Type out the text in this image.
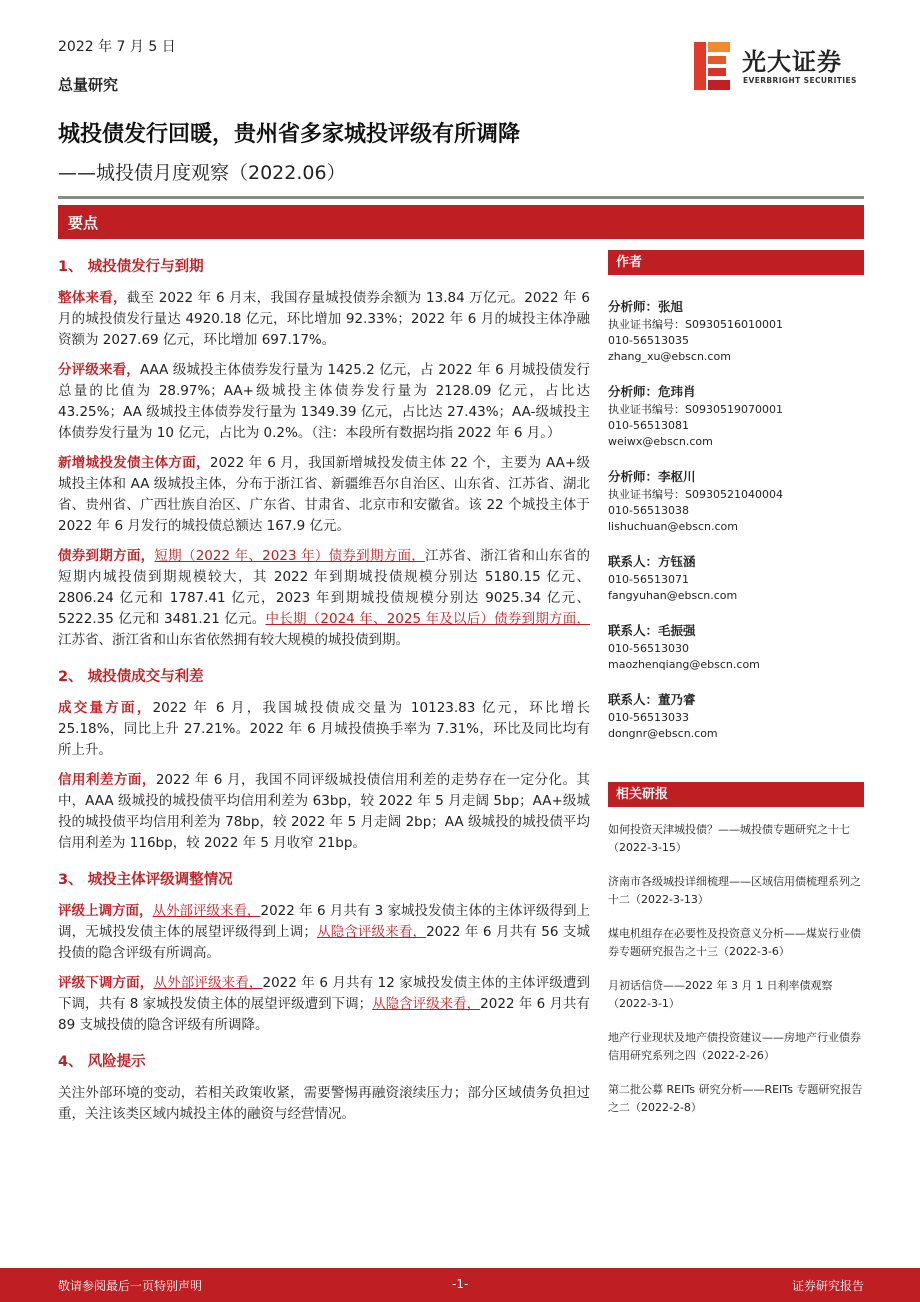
2022 年 7 月 5 日
总量研究
光大证券
EVERBRIGHT SECURITIES
城投债发行回暖，贵州省多家城投评级有所调降
——城投债月度观察（2022.06）
要点
1、 城投债发行与到期
整体来看，截至 2022 年 6 月末，我国存量城投债券余额为 13.84 万亿元。2022 年 6 月的城投债发行量达 4920.18 亿元，环比增加 92.33%；2022 年 6 月的城投主体净融资额为 2027.69 亿元，环比增加 697.17%。
分评级来看，AAA 级城投主体债券发行量为 1425.2 亿元，占 2022 年 6 月城投债发行总量的比值为 28.97%；AA+级城投主体债券发行量为 2128.09 亿元，占比达 43.25%；AA 级城投主体债券发行量为 1349.39 亿元，占比达 27.43%；AA-级城投主体债券发行量为 10 亿元，占比为 0.2%。（注：本段所有数据均指 2022 年 6 月。）
新增城投发债主体方面，2022 年 6 月，我国新增城投发债主体 22 个，主要为 AA+级城投主体和 AA 级城投主体，分布于浙江省、新疆维吾尔自治区、山东省、江苏省、湖北省、贵州省、广西壮族自治区、广东省、甘肃省、北京市和安徽省。该 22 个城投主体于 2022 年 6 月发行的城投债总额达 167.9 亿元。
债券到期方面，短期（2022 年、2023 年）债券到期方面，江苏省、浙江省和山东省的短期内城投债到期规模较大，其 2022 年到期城投债规模分别达 5180.15 亿元、2806.24 亿元和 1787.41 亿元，2023 年到期城投债规模分别达 9025.34 亿元、5222.35 亿元和 3481.21 亿元。中长期（2024 年、2025 年及以后）债券到期方面，江苏省、浙江省和山东省依然拥有较大规模的城投债到期。
2、 城投债成交与利差
成交量方面，2022 年 6 月，我国城投债成交量为 10123.83 亿元，环比增长 25.18%，同比上升 27.21%。2022 年 6 月城投债换手率为 7.31%，环比及同比均有所上升。
信用利差方面，2022 年 6 月，我国不同评级城投债信用利差的走势存在一定分化。其中，AAA 级城投的城投债平均信用利差为 63bp，较 2022 年 5 月走阔 5bp；AA+级城投的城投债平均信用利差为 78bp，较 2022 年 5 月走阔 2bp；AA 级城投的城投债平均信用利差为 116bp，较 2022 年 5 月收窄 21bp。
3、 城投主体评级调整情况
评级上调方面，从外部评级来看，2022 年 6 月共有 3 家城投发债主体的主体评级得到上调，无城投发债主体的展望评级得到上调；从隐含评级来看，2022 年 6 月共有 56 支城投债的隐含评级有所调高。
评级下调方面，从外部评级来看，2022 年 6 月共有 12 家城投发债主体的主体评级遭到下调，共有 8 家城投发债主体的展望评级遭到下调；从隐含评级来看，2022 年 6 月共有 89 支城投债的隐含评级有所调降。
4、 风险提示
关注外部环境的变动，若相关政策收紧，需要警惕再融资滚续压力；部分区域债务负担过重，关注该类区域内城投主体的融资与经营情况。
作者
分析师：张旭
执业证书编号：S0930516010001
010-56513035
zhang_xu@ebscn.com
分析师：危玮肖
执业证书编号：S0930519070001
010-56513081
weiwx@ebscn.com
分析师：李枢川
执业证书编号：S0930521040004
010-56513038
lishuchuan@ebscn.com
联系人：方钰涵
010-56513071
fangyuhan@ebscn.com
联系人：毛振强
010-56513030
maozhenqiang@ebscn.com
联系人：董乃睿
010-56513033
dongnr@ebscn.com
相关研报
如何投资天津城投债？——城投债专题研究之十七（2022-3-15）
济南市各级城投详细梳理——区域信用债梳理系列之十二（2022-3-13）
煤电机组存在必要性及投资意义分析——煤炭行业债券专题研究报告之十三（2022-3-6）
月初话信贷——2022 年 3 月 1 日利率债观察（2022-3-1）
地产行业现状及地产债投资建议——房地产行业债券信用研究系列之四（2022-2-26）
第二批公募 REITs 研究分析——REITs 专题研究报告之二（2022-2-8）
敬请参阅最后一页特别声明	-1-	证券研究报告
